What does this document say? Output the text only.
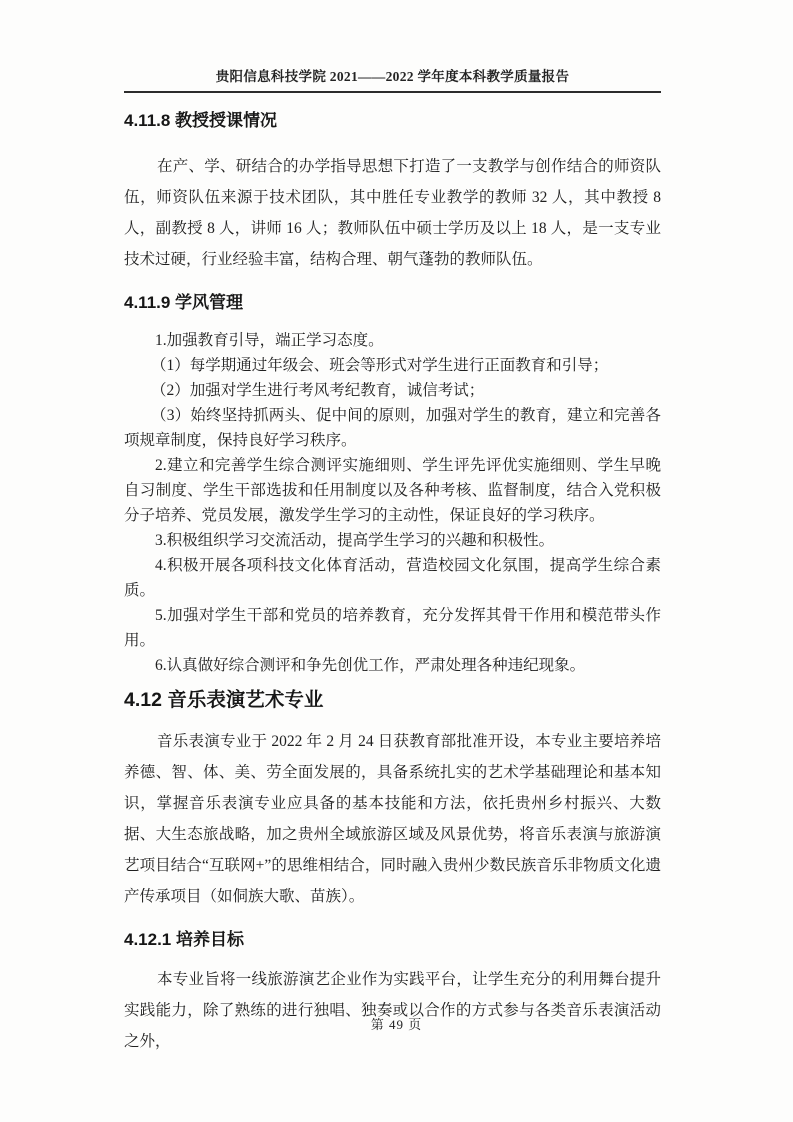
贵阳信息科技学院 2021——2022 学年度本科教学质量报告
4.11.8 教授授课情况

在产、学、研结合的办学指导思想下打造了一支教学与创作结合的师资队伍，师资队伍来源于技术团队，其中胜任专业教学的教师 32 人，其中教授 8 人，副教授 8 人，讲师 16 人；教师队伍中硕士学历及以上 18 人，是一支专业技术过硬，行业经验丰富，结构合理、朝气蓬勃的教师队伍。

4.11.9 学风管理

1.加强教育引导，端正学习态度。

（1）每学期通过年级会、班会等形式对学生进行正面教育和引导；

（2）加强对学生进行考风考纪教育，诚信考试；

（3）始终坚持抓两头、促中间的原则，加强对学生的教育，建立和完善各项规章制度，保持良好学习秩序。

2.建立和完善学生综合测评实施细则、学生评先评优实施细则、学生早晚自习制度、学生干部选拔和任用制度以及各种考核、监督制度，结合入党积极分子培养、党员发展，激发学生学习的主动性，保证良好的学习秩序。

3.积极组织学习交流活动，提高学生学习的兴趣和积极性。

4.积极开展各项科技文化体育活动，营造校园文化氛围，提高学生综合素质。

5.加强对学生干部和党员的培养教育，充分发挥其骨干作用和模范带头作用。

6.认真做好综合测评和争先创优工作，严肃处理各种违纪现象。

4.12 音乐表演艺术专业

音乐表演专业于 2022 年 2 月 24 日获教育部批准开设，本专业主要培养培养德、智、体、美、劳全面发展的，具备系统扎实的艺术学基础理论和基本知识，掌握音乐表演专业应具备的基本技能和方法，依托贵州乡村振兴、大数据、大生态旅战略，加之贵州全域旅游区域及风景优势，将音乐表演与旅游演艺项目结合“互联网+”的思维相结合，同时融入贵州少数民族音乐非物质文化遗产传承项目（如侗族大歌、苗族）。

4.12.1 培养目标

本专业旨将一线旅游演艺企业作为实践平台，让学生充分的利用舞台提升实践能力，除了熟练的进行独唱、独奏或以合作的方式参与各类音乐表演活动之外，

第 49 页
